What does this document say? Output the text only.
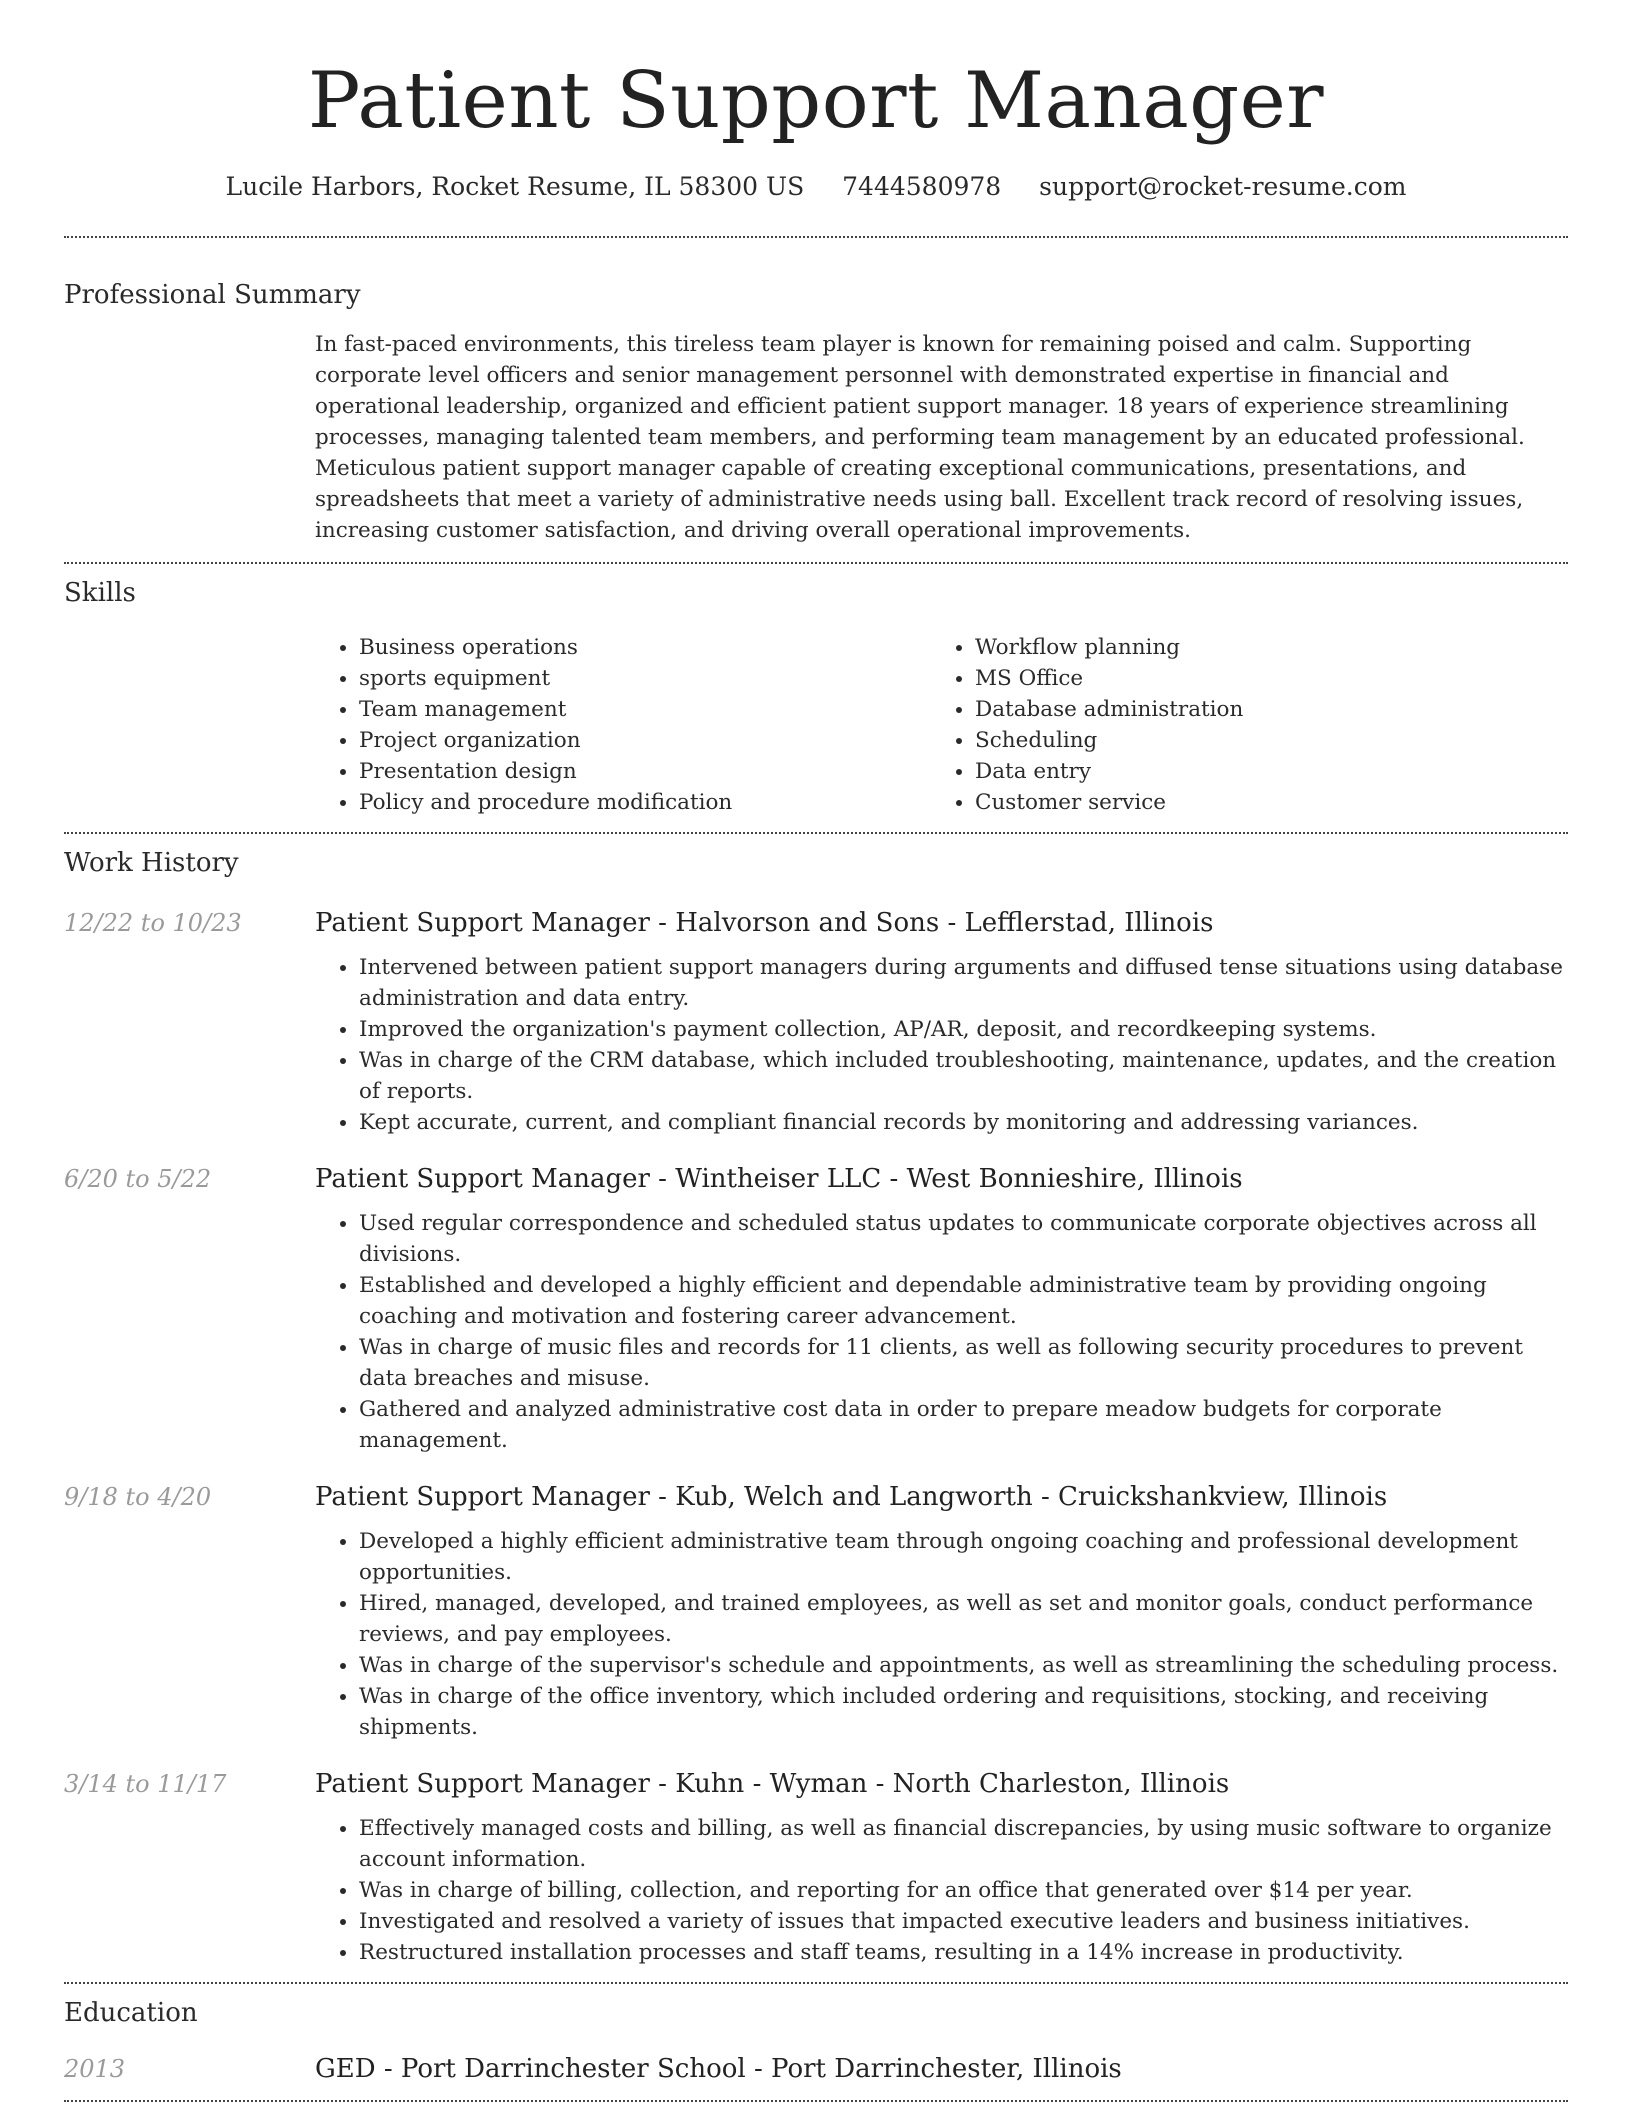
Patient Support Manager
Lucile Harbors, Rocket Resume, IL 58300 US 7444580978 support@rocket-resume.com
Professional Summary
In fast-paced environments, this tireless team player is known for remaining poised and calm. Supporting corporate level officers and senior management personnel with demonstrated expertise in financial and operational leadership, organized and efficient patient support manager. 18 years of experience streamlining processes, managing talented team members, and performing team management by an educated professional. Meticulous patient support manager capable of creating exceptional communications, presentations, and spreadsheets that meet a variety of administrative needs using ball. Excellent track record of resolving issues, increasing customer satisfaction, and driving overall operational improvements.
Skills
• Business operations
• sports equipment
• Team management
• Project organization
• Presentation design
• Policy and procedure modification
• Workflow planning
• MS Office
• Database administration
• Scheduling
• Data entry
• Customer service
Work History
12/22 to 10/23	Patient Support Manager - Halvorson and Sons - Lefflerstad, Illinois
• Intervened between patient support managers during arguments and diffused tense situations using database administration and data entry.
• Improved the organization's payment collection, AP/AR, deposit, and recordkeeping systems.
• Was in charge of the CRM database, which included troubleshooting, maintenance, updates, and the creation of reports.
• Kept accurate, current, and compliant financial records by monitoring and addressing variances.
6/20 to 5/22	Patient Support Manager - Wintheiser LLC - West Bonnieshire, Illinois
• Used regular correspondence and scheduled status updates to communicate corporate objectives across all divisions.
• Established and developed a highly efficient and dependable administrative team by providing ongoing coaching and motivation and fostering career advancement.
• Was in charge of music files and records for 11 clients, as well as following security procedures to prevent data breaches and misuse.
• Gathered and analyzed administrative cost data in order to prepare meadow budgets for corporate management.
9/18 to 4/20	Patient Support Manager - Kub, Welch and Langworth - Cruickshankview, Illinois
• Developed a highly efficient administrative team through ongoing coaching and professional development opportunities.
• Hired, managed, developed, and trained employees, as well as set and monitor goals, conduct performance reviews, and pay employees.
• Was in charge of the supervisor's schedule and appointments, as well as streamlining the scheduling process.
• Was in charge of the office inventory, which included ordering and requisitions, stocking, and receiving shipments.
3/14 to 11/17	Patient Support Manager - Kuhn - Wyman - North Charleston, Illinois
• Effectively managed costs and billing, as well as financial discrepancies, by using music software to organize account information.
• Was in charge of billing, collection, and reporting for an office that generated over $14 per year.
• Investigated and resolved a variety of issues that impacted executive leaders and business initiatives.
• Restructured installation processes and staff teams, resulting in a 14% increase in productivity.
Education
2013	GED - Port Darrinchester School - Port Darrinchester, Illinois
